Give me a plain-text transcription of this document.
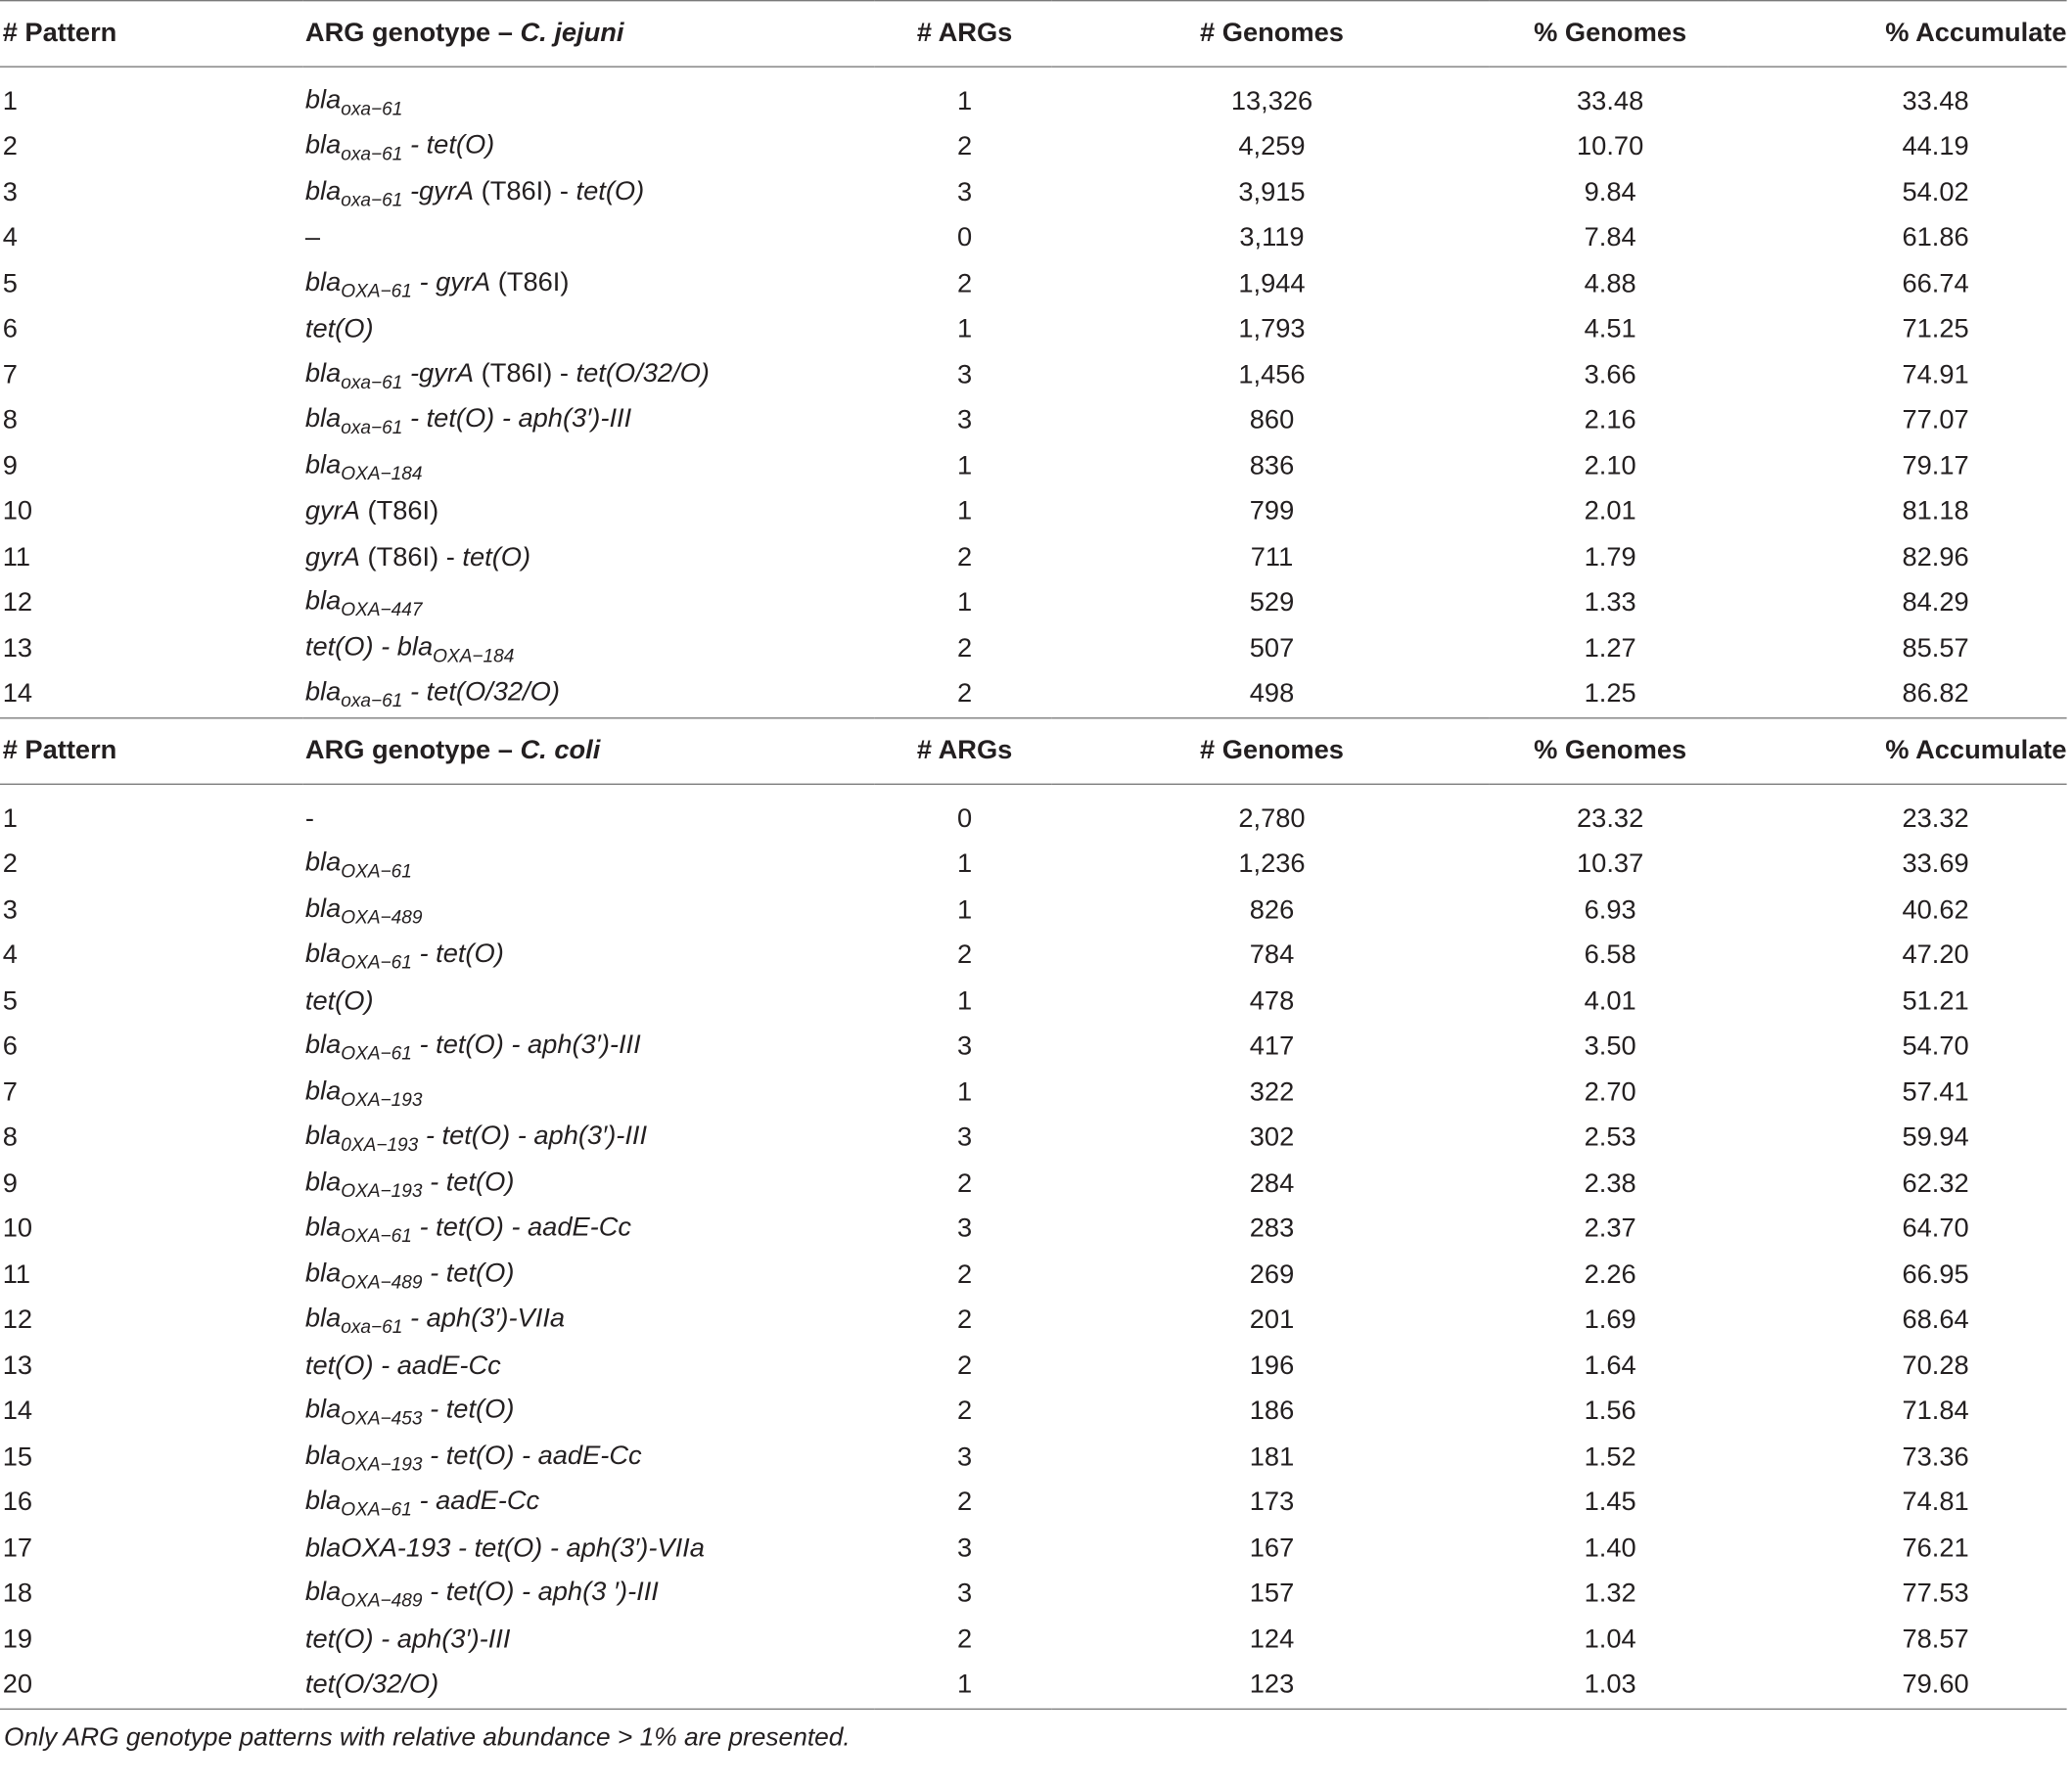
# Pattern	ARG genotype – C. jejuni	# ARGs	# Genomes	% Genomes	% Accumulate
1	bla$_{oxa-61}$	1	13,326	33.48	33.48
2	bla$_{oxa-61}$ - tet(O)	2	4,259	10.70	44.19
3	bla$_{oxa-61}$ -gyrA (T86I) - tet(O)	3	3,915	9.84	54.02
4	–	0	3,119	7.84	61.86
5	bla$_{OXA-61}$ - gyrA (T86I)	2	1,944	4.88	66.74
6	tet(O)	1	1,793	4.51	71.25
7	bla$_{oxa-61}$ -gyrA (T86I) - tet(O/32/O)	3	1,456	3.66	74.91
8	bla$_{oxa-61}$ - tet(O) - aph(3′)-III	3	860	2.16	77.07
9	bla$_{OXA-184}$	1	836	2.10	79.17
10	gyrA (T86I)	1	799	2.01	81.18
11	gyrA (T86I) - tet(O)	2	711	1.79	82.96
12	bla$_{OXA-447}$	1	529	1.33	84.29
13	tet(O) - bla$_{OXA-184}$	2	507	1.27	85.57
14	bla$_{oxa-61}$ - tet(O/32/O)	2	498	1.25	86.82
# Pattern	ARG genotype – C. coli	# ARGs	# Genomes	% Genomes	% Accumulate
1	-	0	2,780	23.32	23.32
2	bla$_{OXA-61}$	1	1,236	10.37	33.69
3	bla$_{OXA-489}$	1	826	6.93	40.62
4	bla$_{OXA-61}$ - tet(O)	2	784	6.58	47.20
5	tet(O)	1	478	4.01	51.21
6	bla$_{OXA-61}$ - tet(O) - aph(3′)-III	3	417	3.50	54.70
7	bla$_{OXA-193}$	1	322	2.70	57.41
8	bla$_{0XA-193}$ - tet(O) - aph(3′)-III	3	302	2.53	59.94
9	bla$_{OXA-193}$ - tet(O)	2	284	2.38	62.32
10	bla$_{OXA-61}$ - tet(O) - aadE-Cc	3	283	2.37	64.70
11	bla$_{OXA-489}$ - tet(O)	2	269	2.26	66.95
12	bla$_{oxa-61}$ - aph(3′)-VIIa	2	201	1.69	68.64
13	tet(O) - aadE-Cc	2	196	1.64	70.28
14	bla$_{OXA-453}$ - tet(O)	2	186	1.56	71.84
15	bla$_{OXA-193}$ - tet(O) - aadE-Cc	3	181	1.52	73.36
16	bla$_{OXA-61}$ - aadE-Cc	2	173	1.45	74.81
17	blaOXA-193 - tet(O) - aph(3′)-VIIa	3	167	1.40	76.21
18	bla$_{OXA-489}$ - tet(O) - aph(3 ′)-III	3	157	1.32	77.53
19	tet(O) - aph(3′)-III	2	124	1.04	78.57
20	tet(O/32/O)	1	123	1.03	79.60
Only ARG genotype patterns with relative abundance > 1% are presented.
